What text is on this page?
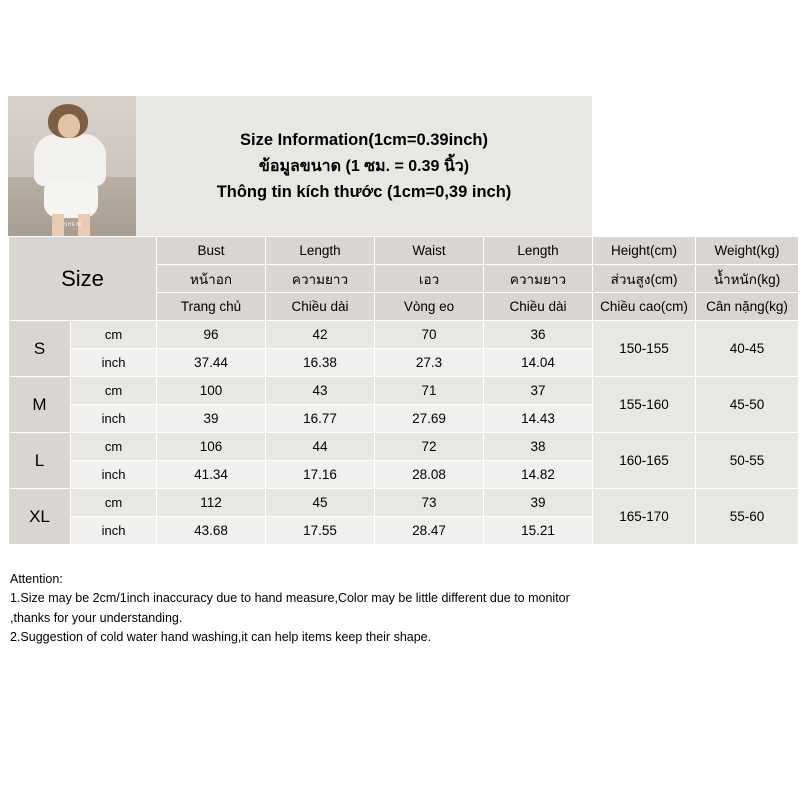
SHEIN
Size Information(1cm=0.39inch)
ข้อมูลขนาด (1 ซม. = 0.39 นิ้ว)
Thông tin kích thước (1cm=0,39 inch)
Size		Bust	Length	Waist	Length	Height(cm)	Weight(kg)
		หน้าอก	ความยาว	เอว	ความยาว	ส่วนสูง(cm)	น้ำหนัก(kg)
		Trang chủ	Chiều dài	Vòng eo	Chiều dài	Chiều cao(cm)	Cân nặng(kg)
S	cm	96	42	70	36	150-155	40-45
	inch	37.44	16.38	27.3	14.04		
M	cm	100	43	71	37	155-160	45-50
	inch	39	16.77	27.69	14.43		
L	cm	106	44	72	38	160-165	50-55
	inch	41.34	17.16	28.08	14.82		
XL	cm	112	45	73	39	165-170	55-60
	inch	43.68	17.55	28.47	15.21		
Attention:
1.Size may be 2cm/1inch inaccuracy due to hand measure,Color may be little different due to monitor ,thanks for your understanding.
2.Suggestion of cold water hand washing,it can help items keep their shape.
